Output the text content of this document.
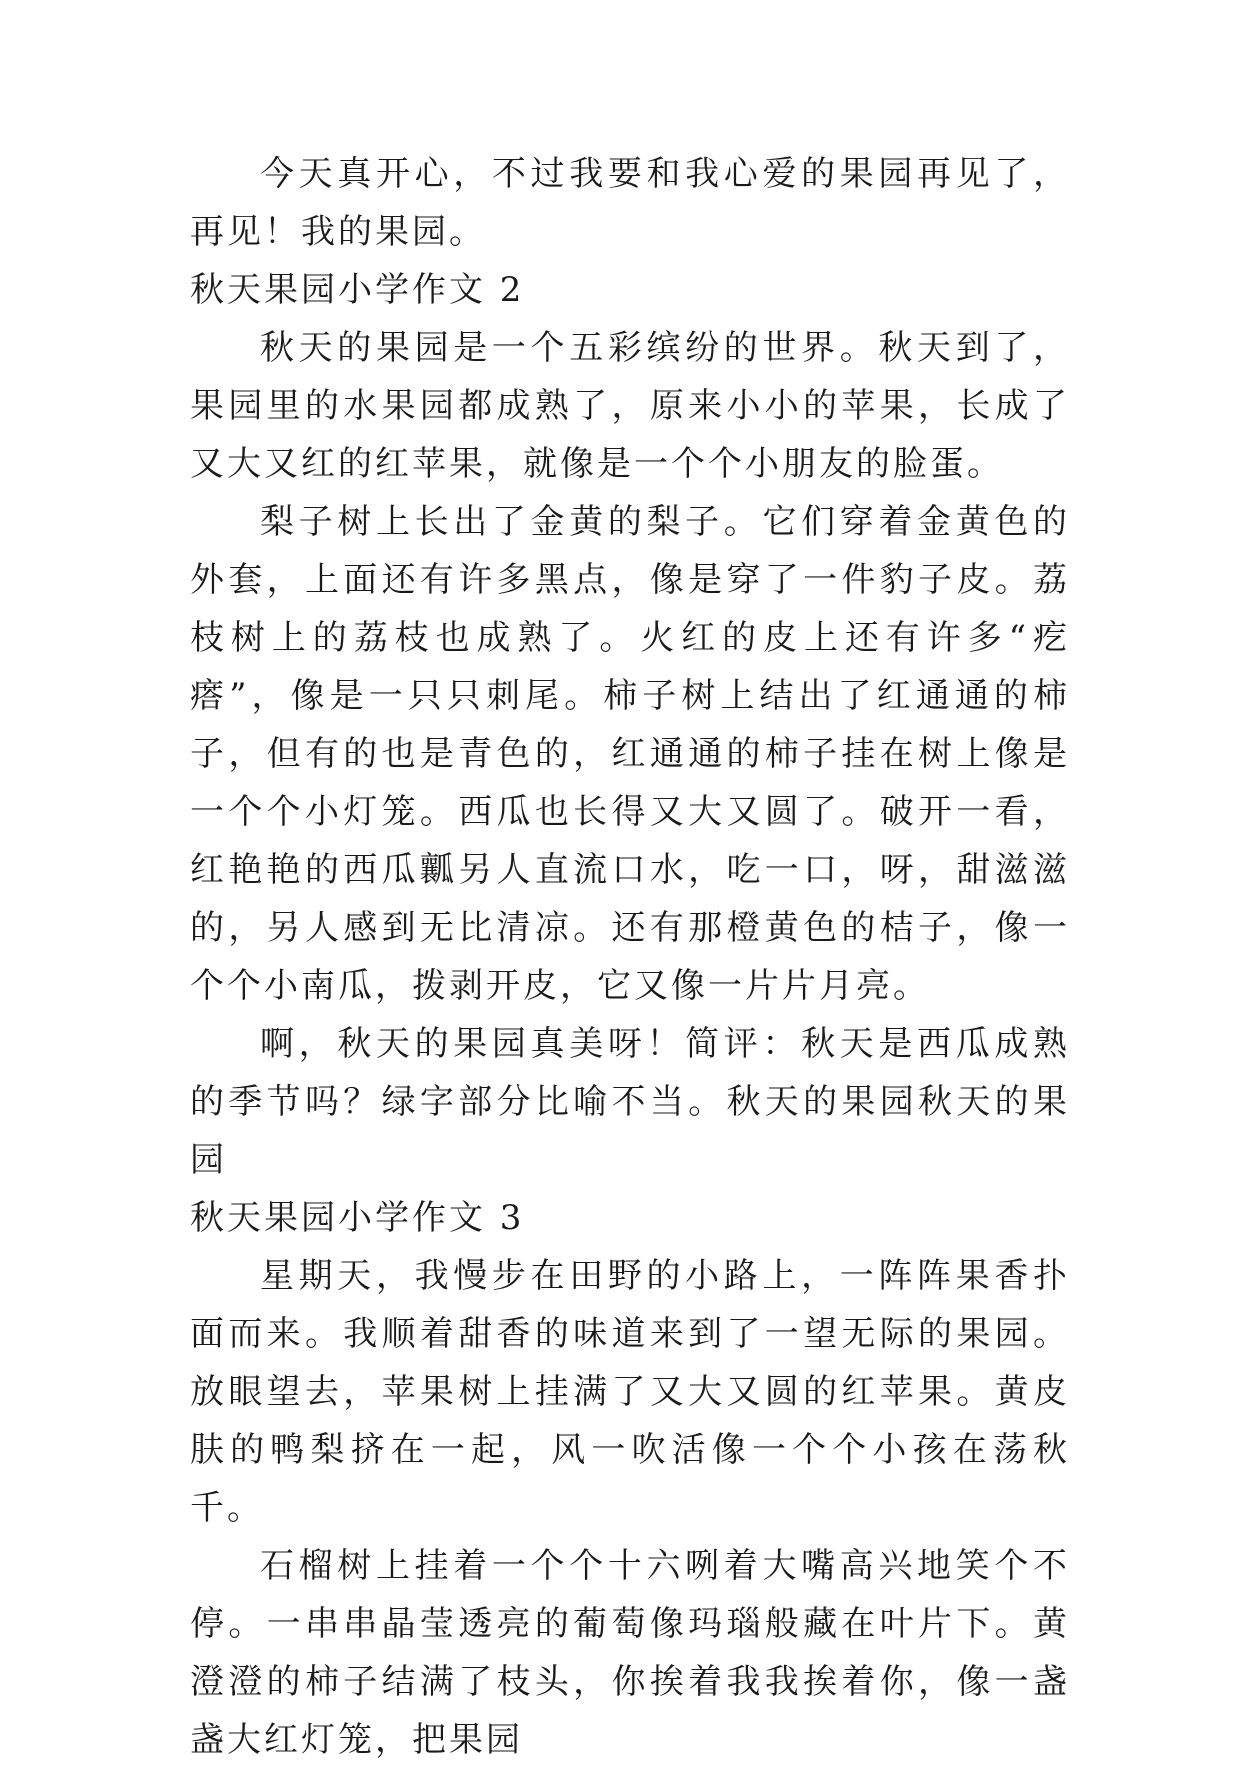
今天真开心，不过我要和我心爱的果园再见了，再见！我的果园。

秋天果园小学作文 2

秋天的果园是一个五彩缤纷的世界。秋天到了，果园里的水果园都成熟了，原来小小的苹果，长成了又大又红的红苹果，就像是一个个小朋友的脸蛋。

梨子树上长出了金黄的梨子。它们穿着金黄色的外套，上面还有许多黑点，像是穿了一件豹子皮。荔枝树上的荔枝也成熟了。火红的皮上还有许多“疙瘩”，像是一只只刺尾。柿子树上结出了红通通的柿子，但有的也是青色的，红通通的柿子挂在树上像是一个个小灯笼。西瓜也长得又大又圆了。破开一看，红艳艳的西瓜瓤另人直流口水，吃一口，呀，甜滋滋的，另人感到无比清凉。还有那橙黄色的桔子，像一个个小南瓜，拨剥开皮，它又像一片片月亮。

啊，秋天的果园真美呀！简评：秋天是西瓜成熟的季节吗？绿字部分比喻不当。秋天的果园秋天的果园

秋天果园小学作文 3

星期天，我慢步在田野的小路上，一阵阵果香扑面而来。我顺着甜香的味道来到了一望无际的果园。放眼望去，苹果树上挂满了又大又圆的红苹果。黄皮肤的鸭梨挤在一起，风一吹活像一个个小孩在荡秋千。

石榴树上挂着一个个十六咧着大嘴高兴地笑个不停。一串串晶莹透亮的葡萄像玛瑙般藏在叶片下。黄澄澄的柿子结满了枝头，你挨着我我挨着你，像一盏盏大红灯笼，把果园
